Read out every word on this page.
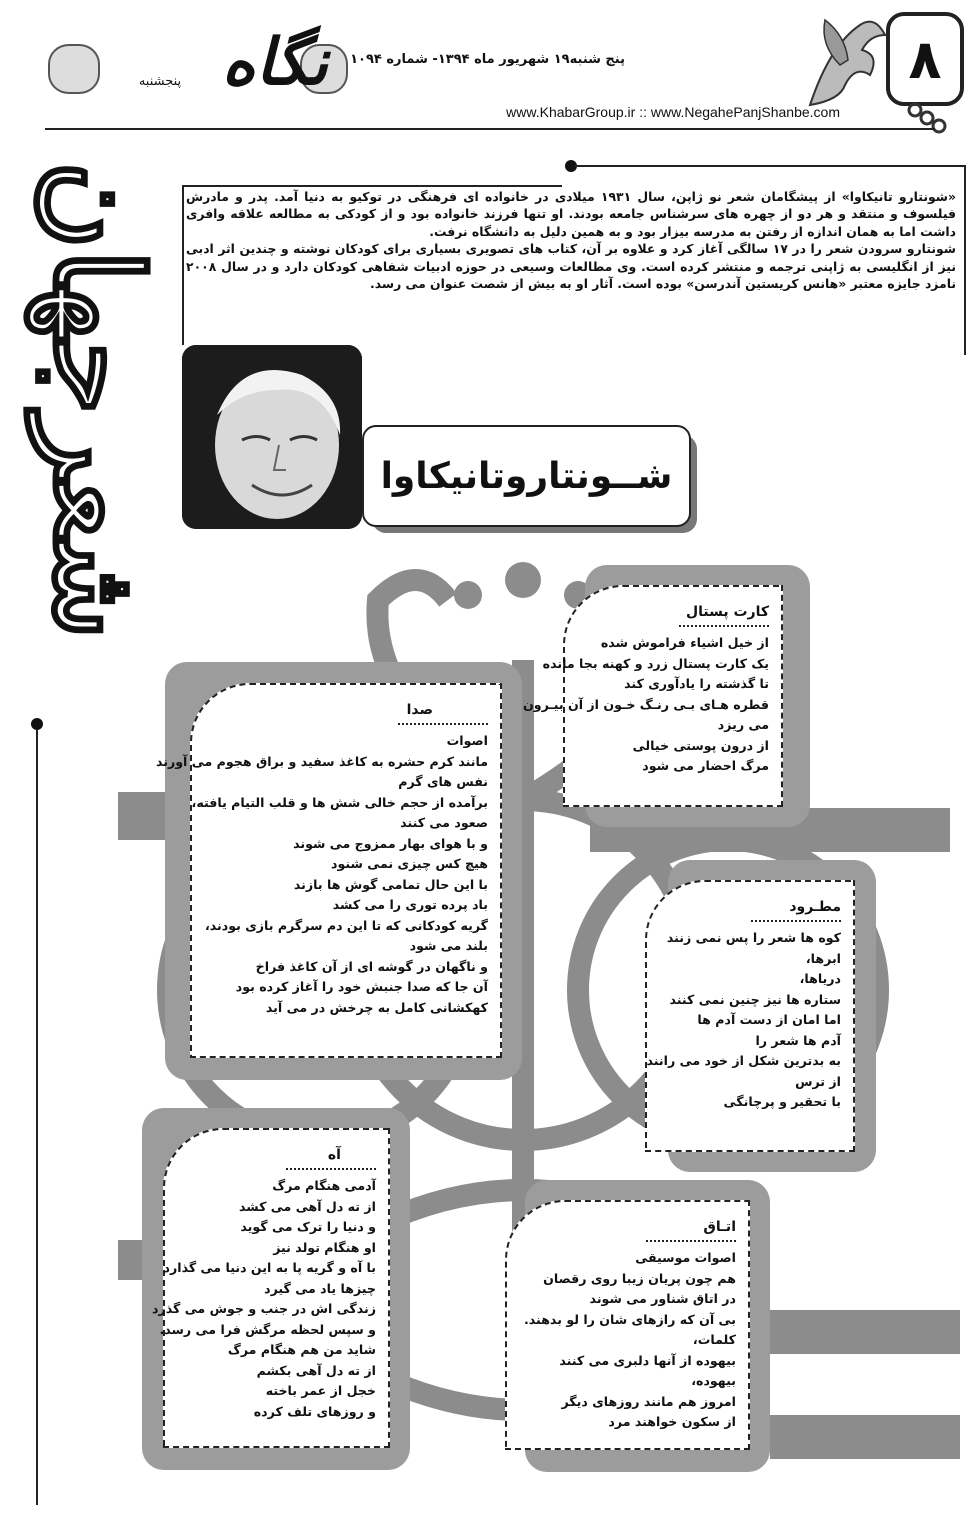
۸
نگاه
پنجشنبه
پنج شنبه۱۹ شهریور ماه ۱۳۹۴- شماره ۱۰۹۴
www.KhabarGroup.ir :: www.NegahePanjShanbe.com
شعرجهان	«شونتارو تانیکاوا» از پیشگامان شعر نو ژاپن، سال ۱۹۳۱ میلادی در خانواده ای فرهنگی در توکیو به دنیا آمد. پدر و مادرش فیلسوف و منتقد و هر دو از چهره های سرشناس جامعه بودند. او تنها فرزند خانواده بود و از کودکی به مطالعه علاقه وافری داشت اما به همان اندازه از رفتن به مدرسه بیزار بود و به همین دلیل به دانشگاه نرفت.

شونتارو سرودن شعر را در ۱۷ سالگی آغاز کرد و علاوه بر آن، کتاب های تصویری بسیاری برای کودکان نوشته و چندین اثر ادبی نیز از انگلیسی به ژاپنی ترجمه و منتشر کرده است. وی مطالعات وسیعی در حوزه ادبیات شفاهی کودکان دارد و در سال ۲۰۰۸ نامزد جایزه معتبر «هانس کریستین آندرسن» بوده است. آثار او به بیش از شصت عنوان می رسد.

شــونتاروتانیکاوا
کارت پستال
از خیل اشیاء فراموش شده
یک کارت پستال زرد و کهنه بجا مانده
تا گذشته را یادآوری کند
قطره هـای بـی رنـگ خـون از آن بیـرون
می ریزد
از درون پوستی خیالی
مرگ احضار می شود
صدا
اصوات
مانند کرم حشره به کاغذ سفید و براق هجوم می آورند
نفس های گرم
برآمده از حجم خالی شش ها و قلب التیام یافته،
صعود می کنند
و با هوای بهار ممزوج می شوند
هیچ کس چیزی نمی شنود
با این حال تمامی گوش ها بازند
باد پرده توری را می کشد
گریه کودکانی که تا این دم سرگرم بازی بودند،
بلند می شود
و ناگهان در گوشه ای از آن کاغذ فراخ
آن جا که صدا جنبش خود را آغاز کرده بود
کهکشانی کامل به چرخش در می آید
مطـرود
کوه ها شعر را پس نمی زنند
ابرها،
دریاها،
ستاره ها نیز چنین نمی کنند
اما امان از دست آدم ها
آدم ها شعر را
به بدترین شکل از خود می رانند
از ترس
با تحقیر و پرچانگی
آه
آدمی هنگام مرگ
از ته دل آهی می کشد
و دنیا را ترک می گوید
او هنگام تولد نیز
با آه و گریه پا به این دنیا می گذارد
چیزها یاد می گیرد
زندگی اش در جنب و جوش می گذرد
و سپس لحظه مرگش فرا می رسد.
شاید من هم هنگام مرگ
از ته دل آهی بکشم
خجل از عمر باخته
و روزهای تلف کرده
اتـاق
اصوات موسیقی
هم چون پریان زیبا روی رقصان
در اتاق شناور می شوند
بی آن که رازهای شان را لو بدهند.
کلمات،
بیهوده از آنها دلبری می کنند
بیهوده،
امروز هم مانند روزهای دیگر
از سکون خواهند مرد
